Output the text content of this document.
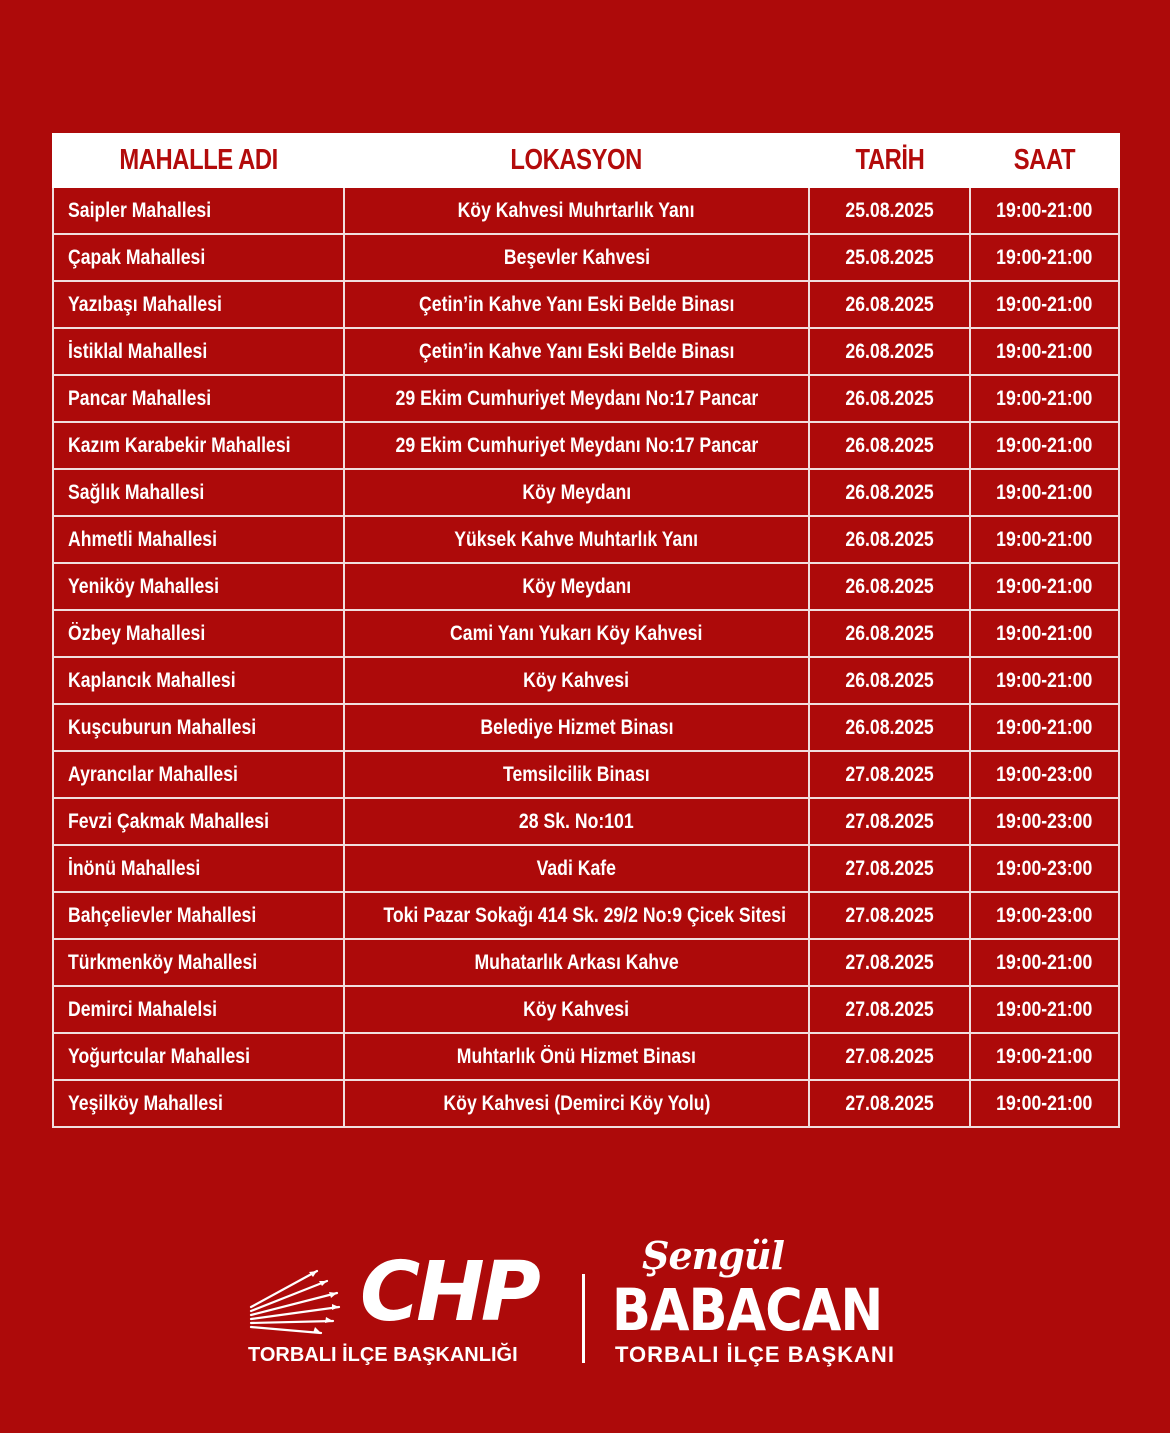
MAHALLE ADI	LOKASYON	TARİH	SAAT
Saipler Mahallesi	Köy Kahvesi Muhrtarlık Yanı	25.08.2025	19:00-21:00
Çapak Mahallesi	Beşevler Kahvesi	25.08.2025	19:00-21:00
Yazıbaşı Mahallesi	Çetin’in Kahve Yanı Eski Belde Binası	26.08.2025	19:00-21:00
İstiklal Mahallesi	Çetin’in Kahve Yanı Eski Belde Binası	26.08.2025	19:00-21:00
Pancar Mahallesi	29 Ekim Cumhuriyet Meydanı No:17 Pancar	26.08.2025	19:00-21:00
Kazım Karabekir Mahallesi	29 Ekim Cumhuriyet Meydanı No:17 Pancar	26.08.2025	19:00-21:00
Sağlık Mahallesi	Köy Meydanı	26.08.2025	19:00-21:00
Ahmetli Mahallesi	Yüksek Kahve Muhtarlık Yanı	26.08.2025	19:00-21:00
Yeniköy Mahallesi	Köy Meydanı	26.08.2025	19:00-21:00
Özbey Mahallesi	Cami Yanı Yukarı Köy Kahvesi	26.08.2025	19:00-21:00
Kaplancık Mahallesi	Köy Kahvesi	26.08.2025	19:00-21:00
Kuşcuburun Mahallesi	Belediye Hizmet Binası	26.08.2025	19:00-21:00
Ayrancılar Mahallesi	Temsilcilik Binası	27.08.2025	19:00-23:00
Fevzi Çakmak Mahallesi	28 Sk. No:101	27.08.2025	19:00-23:00
İnönü Mahallesi	Vadi Kafe	27.08.2025	19:00-23:00
Bahçelievler Mahallesi	Toki Pazar Sokağı 414 Sk. 29/2 No:9 Çicek Sitesi	27.08.2025	19:00-23:00
Türkmenköy Mahallesi	Muhatarlık Arkası Kahve	27.08.2025	19:00-21:00
Demirci Mahalelsi	Köy Kahvesi	27.08.2025	19:00-21:00
Yoğurtcular Mahallesi	Muhtarlık Önü Hizmet Binası	27.08.2025	19:00-21:00
Yeşilköy Mahallesi	Köy Kahvesi (Demirci Köy Yolu)	27.08.2025	19:00-21:00
CHP
TORBALI İLÇE BAŞKANLIĞI
Şengül
BABACAN
TORBALI İLÇE BAŞKANI
